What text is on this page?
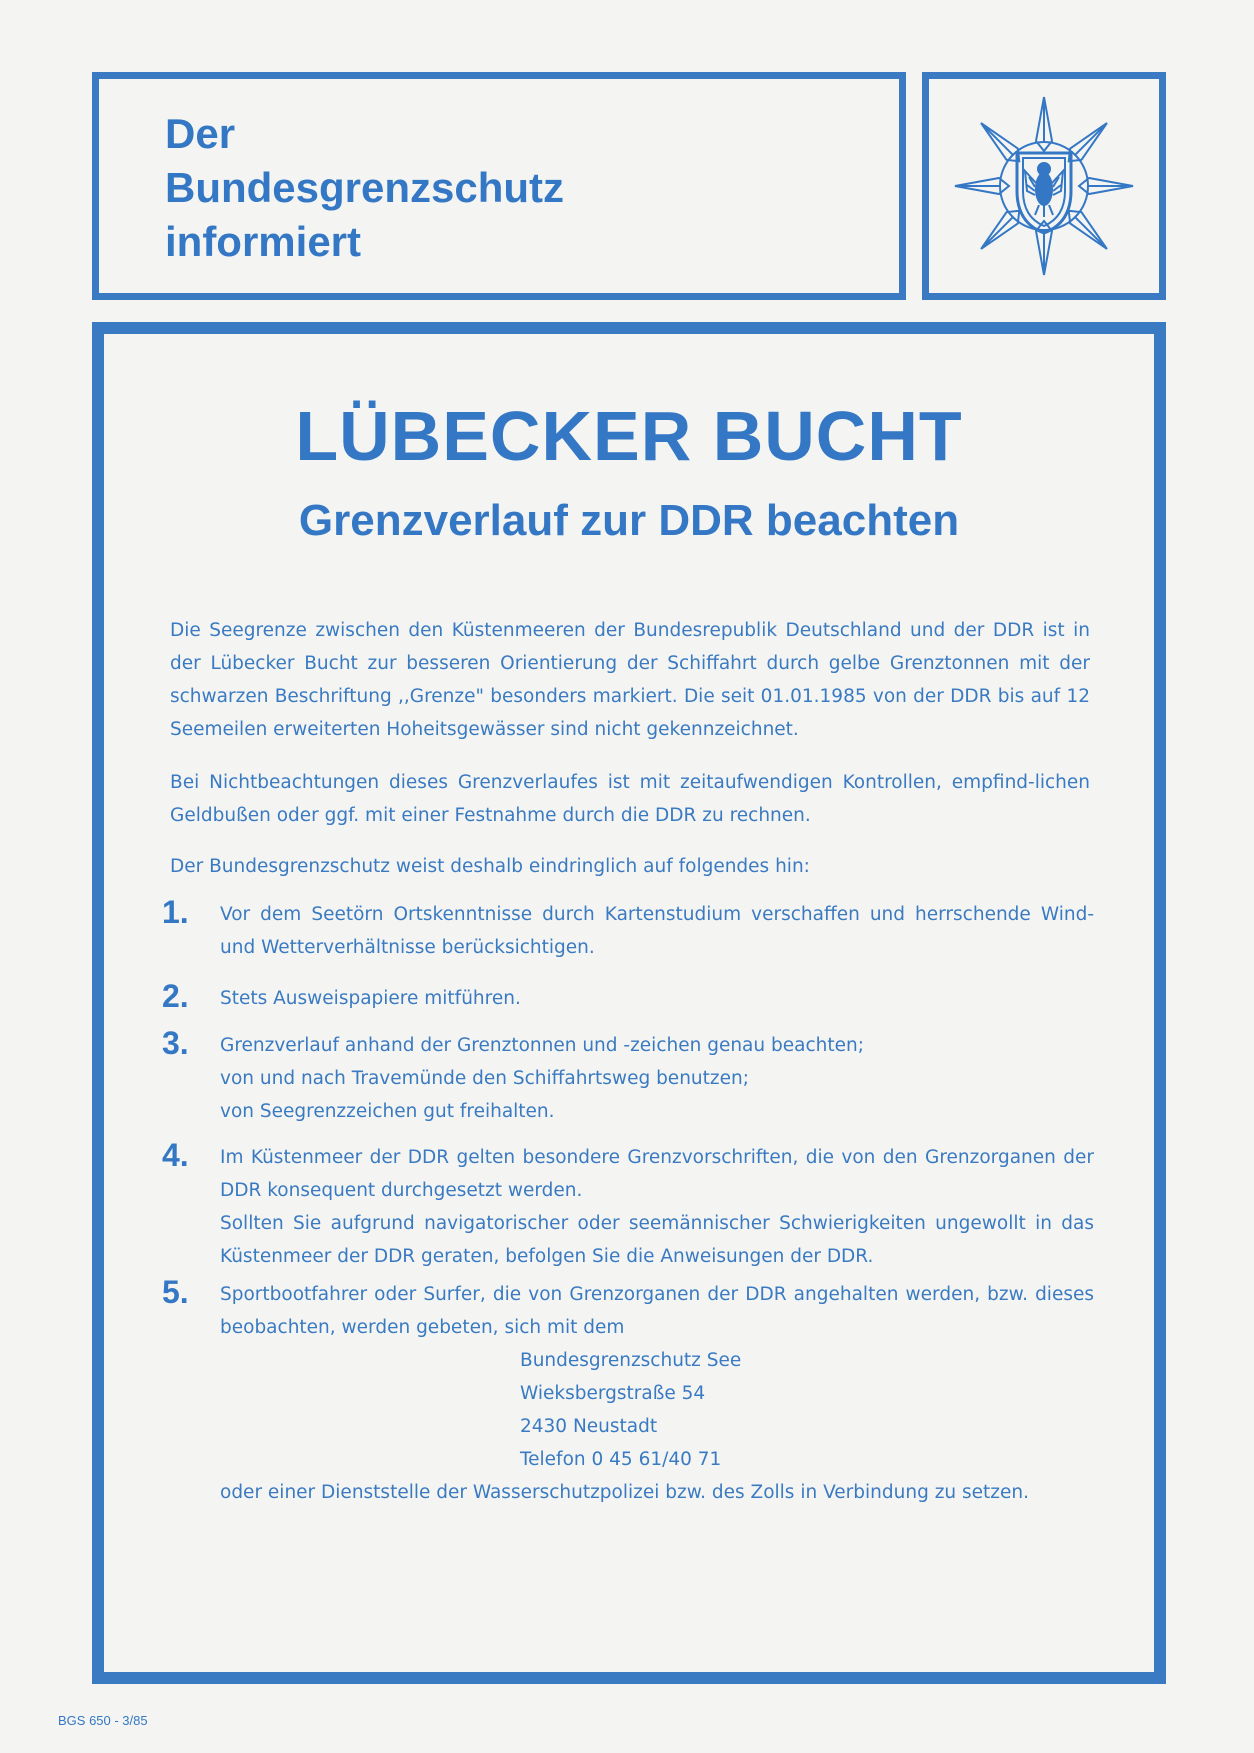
Der
Bundesgrenzschutz
informiert
LÜBECKER BUCHT
Grenzverlauf zur DDR beachten
Die Seegrenze zwischen den Küstenmeeren der Bundesrepublik Deutschland und der DDR ist in der Lübecker Bucht zur besseren Orientierung der Schiffahrt durch gelbe Grenztonnen mit der schwarzen Beschriftung ,,Grenze" besonders markiert. Die seit 01.01.1985 von der DDR bis auf 12 Seemeilen erweiterten Hoheitsgewässer sind nicht gekennzeichnet.
Bei Nichtbeachtungen dieses Grenzverlaufes ist mit zeitaufwendigen Kontrollen, empfind-lichen Geldbußen oder ggf. mit einer Festnahme durch die DDR zu rechnen.
Der Bundesgrenzschutz weist deshalb eindringlich auf folgendes hin:
1. Vor dem Seetörn Ortskenntnisse durch Kartenstudium verschaffen und herrschende Wind- und Wetterverhältnisse berücksichtigen.
2. Stets Ausweispapiere mitführen.
3. Grenzverlauf anhand der Grenztonnen und -zeichen genau beachten;
von und nach Travemünde den Schiffahrtsweg benutzen;
von Seegrenzzeichen gut freihalten.
4. Im Küstenmeer der DDR gelten besondere Grenzvorschriften, die von den Grenzorganen der DDR konsequent durchgesetzt werden.
Sollten Sie aufgrund navigatorischer oder seemännischer Schwierigkeiten ungewollt in das Küstenmeer der DDR geraten, befolgen Sie die Anweisungen der DDR.
5. Sportbootfahrer oder Surfer, die von Grenzorganen der DDR angehalten werden, bzw. dieses beobachten, werden gebeten, sich mit dem
Bundesgrenzschutz See
Wieksbergstraße 54
2430 Neustadt
Telefon 0 45 61/40 71
oder einer Dienststelle der Wasserschutzpolizei bzw. des Zolls in Verbindung zu setzen.
BGS 650 - 3/85
